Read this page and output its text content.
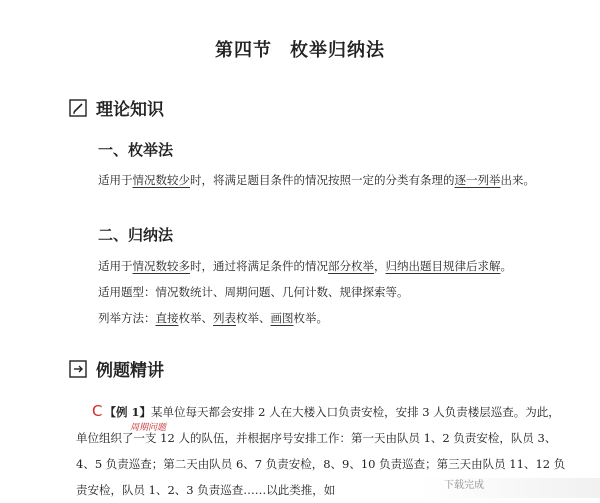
第四节 枚举归纳法
理论知识
一、枚举法
适用于情况数较少时，将满足题目条件的情况按照一定的分类有条理的逐一列举出来。
二、归纳法
适用于情况数较多时，通过将满足条件的情况部分枚举，归纳出题目规律后求解。
适用题型：情况数统计、周期问题、几何计数、规律探索等。
列举方法：直接枚举、列表枚举、画图枚举。
例题精讲
C 【例 1】某单位每天都会安排 2 人在大楼入口负责安检，安排 3 人负责楼层巡查。为此，单位组织了一支 12 人的队伍，并根据序号安排工作：第一天由队员 1、2 负责安检，队员 3、4、5 负责巡查；第二天由队员 6、7 负责安检，8、9、10 负责巡查；第三天由队员 11、12 负责安检，队员 1、2、3 负责巡查……以此类推，如
周期问题
下载完成
